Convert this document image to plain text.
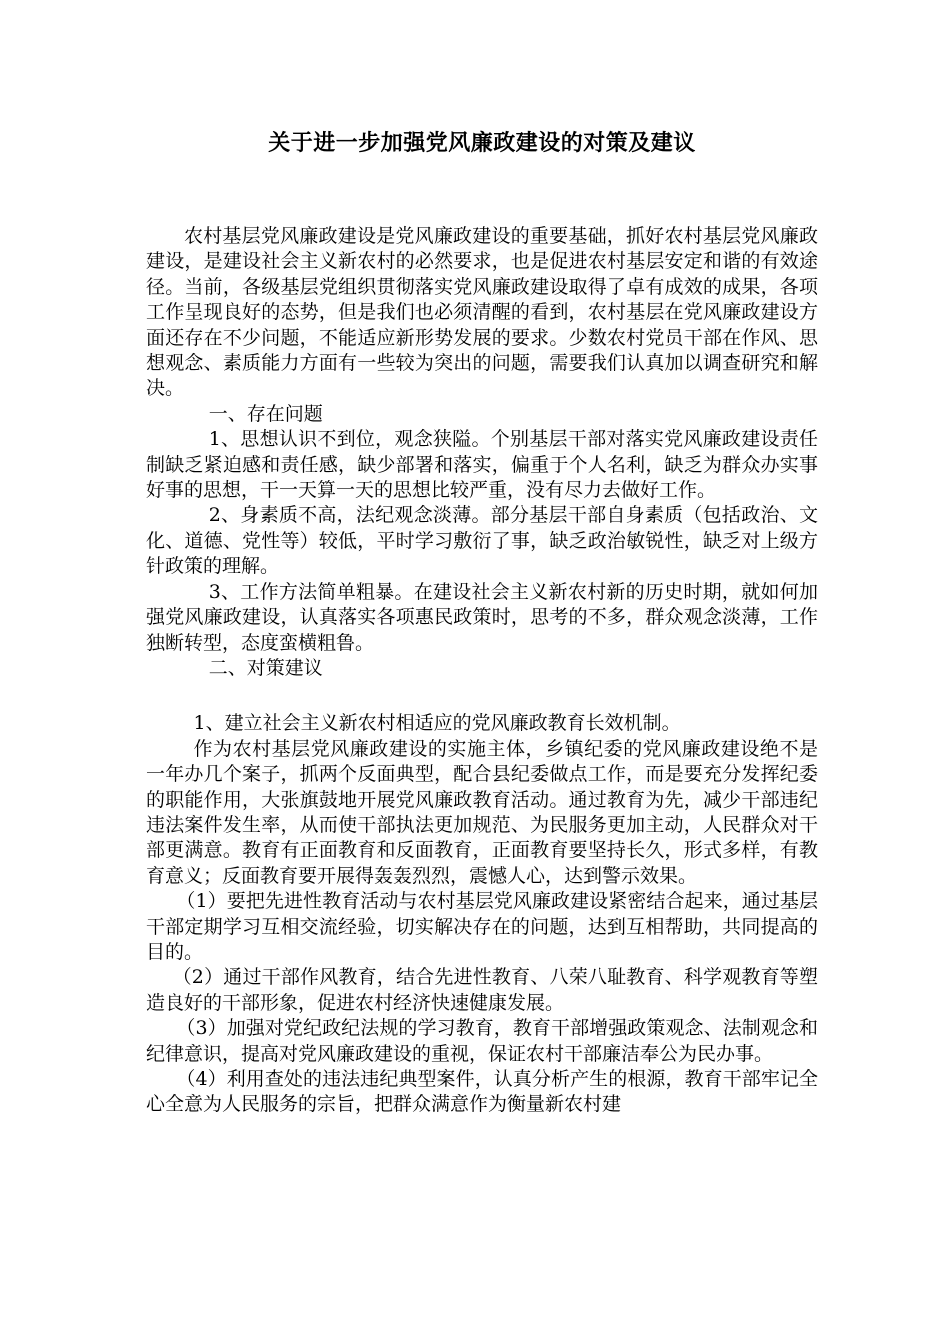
关于进一步加强党风廉政建设的对策及建议

农村基层党风廉政建设是党风廉政建设的重要基础，抓好农村基层党风廉政建设，是建设社会主义新农村的必然要求，也是促进农村基层安定和谐的有效途径。当前，各级基层党组织贯彻落实党风廉政建设取得了卓有成效的成果，各项工作呈现良好的态势，但是我们也必须清醒的看到，农村基层在党风廉政建设方面还存在不少问题，不能适应新形势发展的要求。少数农村党员干部在作风、思想观念、素质能力方面有一些较为突出的问题，需要我们认真加以调查研究和解决。

一、存在问题

1、思想认识不到位，观念狭隘。个别基层干部对落实党风廉政建设责任制缺乏紧迫感和责任感，缺少部署和落实，偏重于个人名利，缺乏为群众办实事好事的思想，干一天算一天的思想比较严重，没有尽力去做好工作。

2、身素质不高，法纪观念淡薄。部分基层干部自身素质（包括政治、文化、道德、党性等）较低，平时学习敷衍了事，缺乏政治敏锐性，缺乏对上级方针政策的理解。

3、工作方法简单粗暴。在建设社会主义新农村新的历史时期，就如何加强党风廉政建设，认真落实各项惠民政策时，思考的不多，群众观念淡薄，工作独断转型，态度蛮横粗鲁。

二、对策建议

1、建立社会主义新农村相适应的党风廉政教育长效机制。

作为农村基层党风廉政建设的实施主体，乡镇纪委的党风廉政建设绝不是一年办几个案子，抓两个反面典型，配合县纪委做点工作，而是要充分发挥纪委的职能作用，大张旗鼓地开展党风廉政教育活动。通过教育为先，减少干部违纪违法案件发生率，从而使干部执法更加规范、为民服务更加主动，人民群众对干部更满意。教育有正面教育和反面教育，正面教育要坚持长久，形式多样，有教育意义；反面教育要开展得轰轰烈烈，震憾人心，达到警示效果。

（1）要把先进性教育活动与农村基层党风廉政建设紧密结合起来，通过基层干部定期学习互相交流经验，切实解决存在的问题，达到互相帮助，共同提高的目的。

（2）通过干部作风教育，结合先进性教育、八荣八耻教育、科学观教育等塑造良好的干部形象，促进农村经济快速健康发展。

（3）加强对党纪政纪法规的学习教育，教育干部增强政策观念、法制观念和纪律意识，提高对党风廉政建设的重视，保证农村干部廉洁奉公为民办事。

（4）利用查处的违法违纪典型案件，认真分析产生的根源，教育干部牢记全心全意为人民服务的宗旨，把群众满意作为衡量新农村建
